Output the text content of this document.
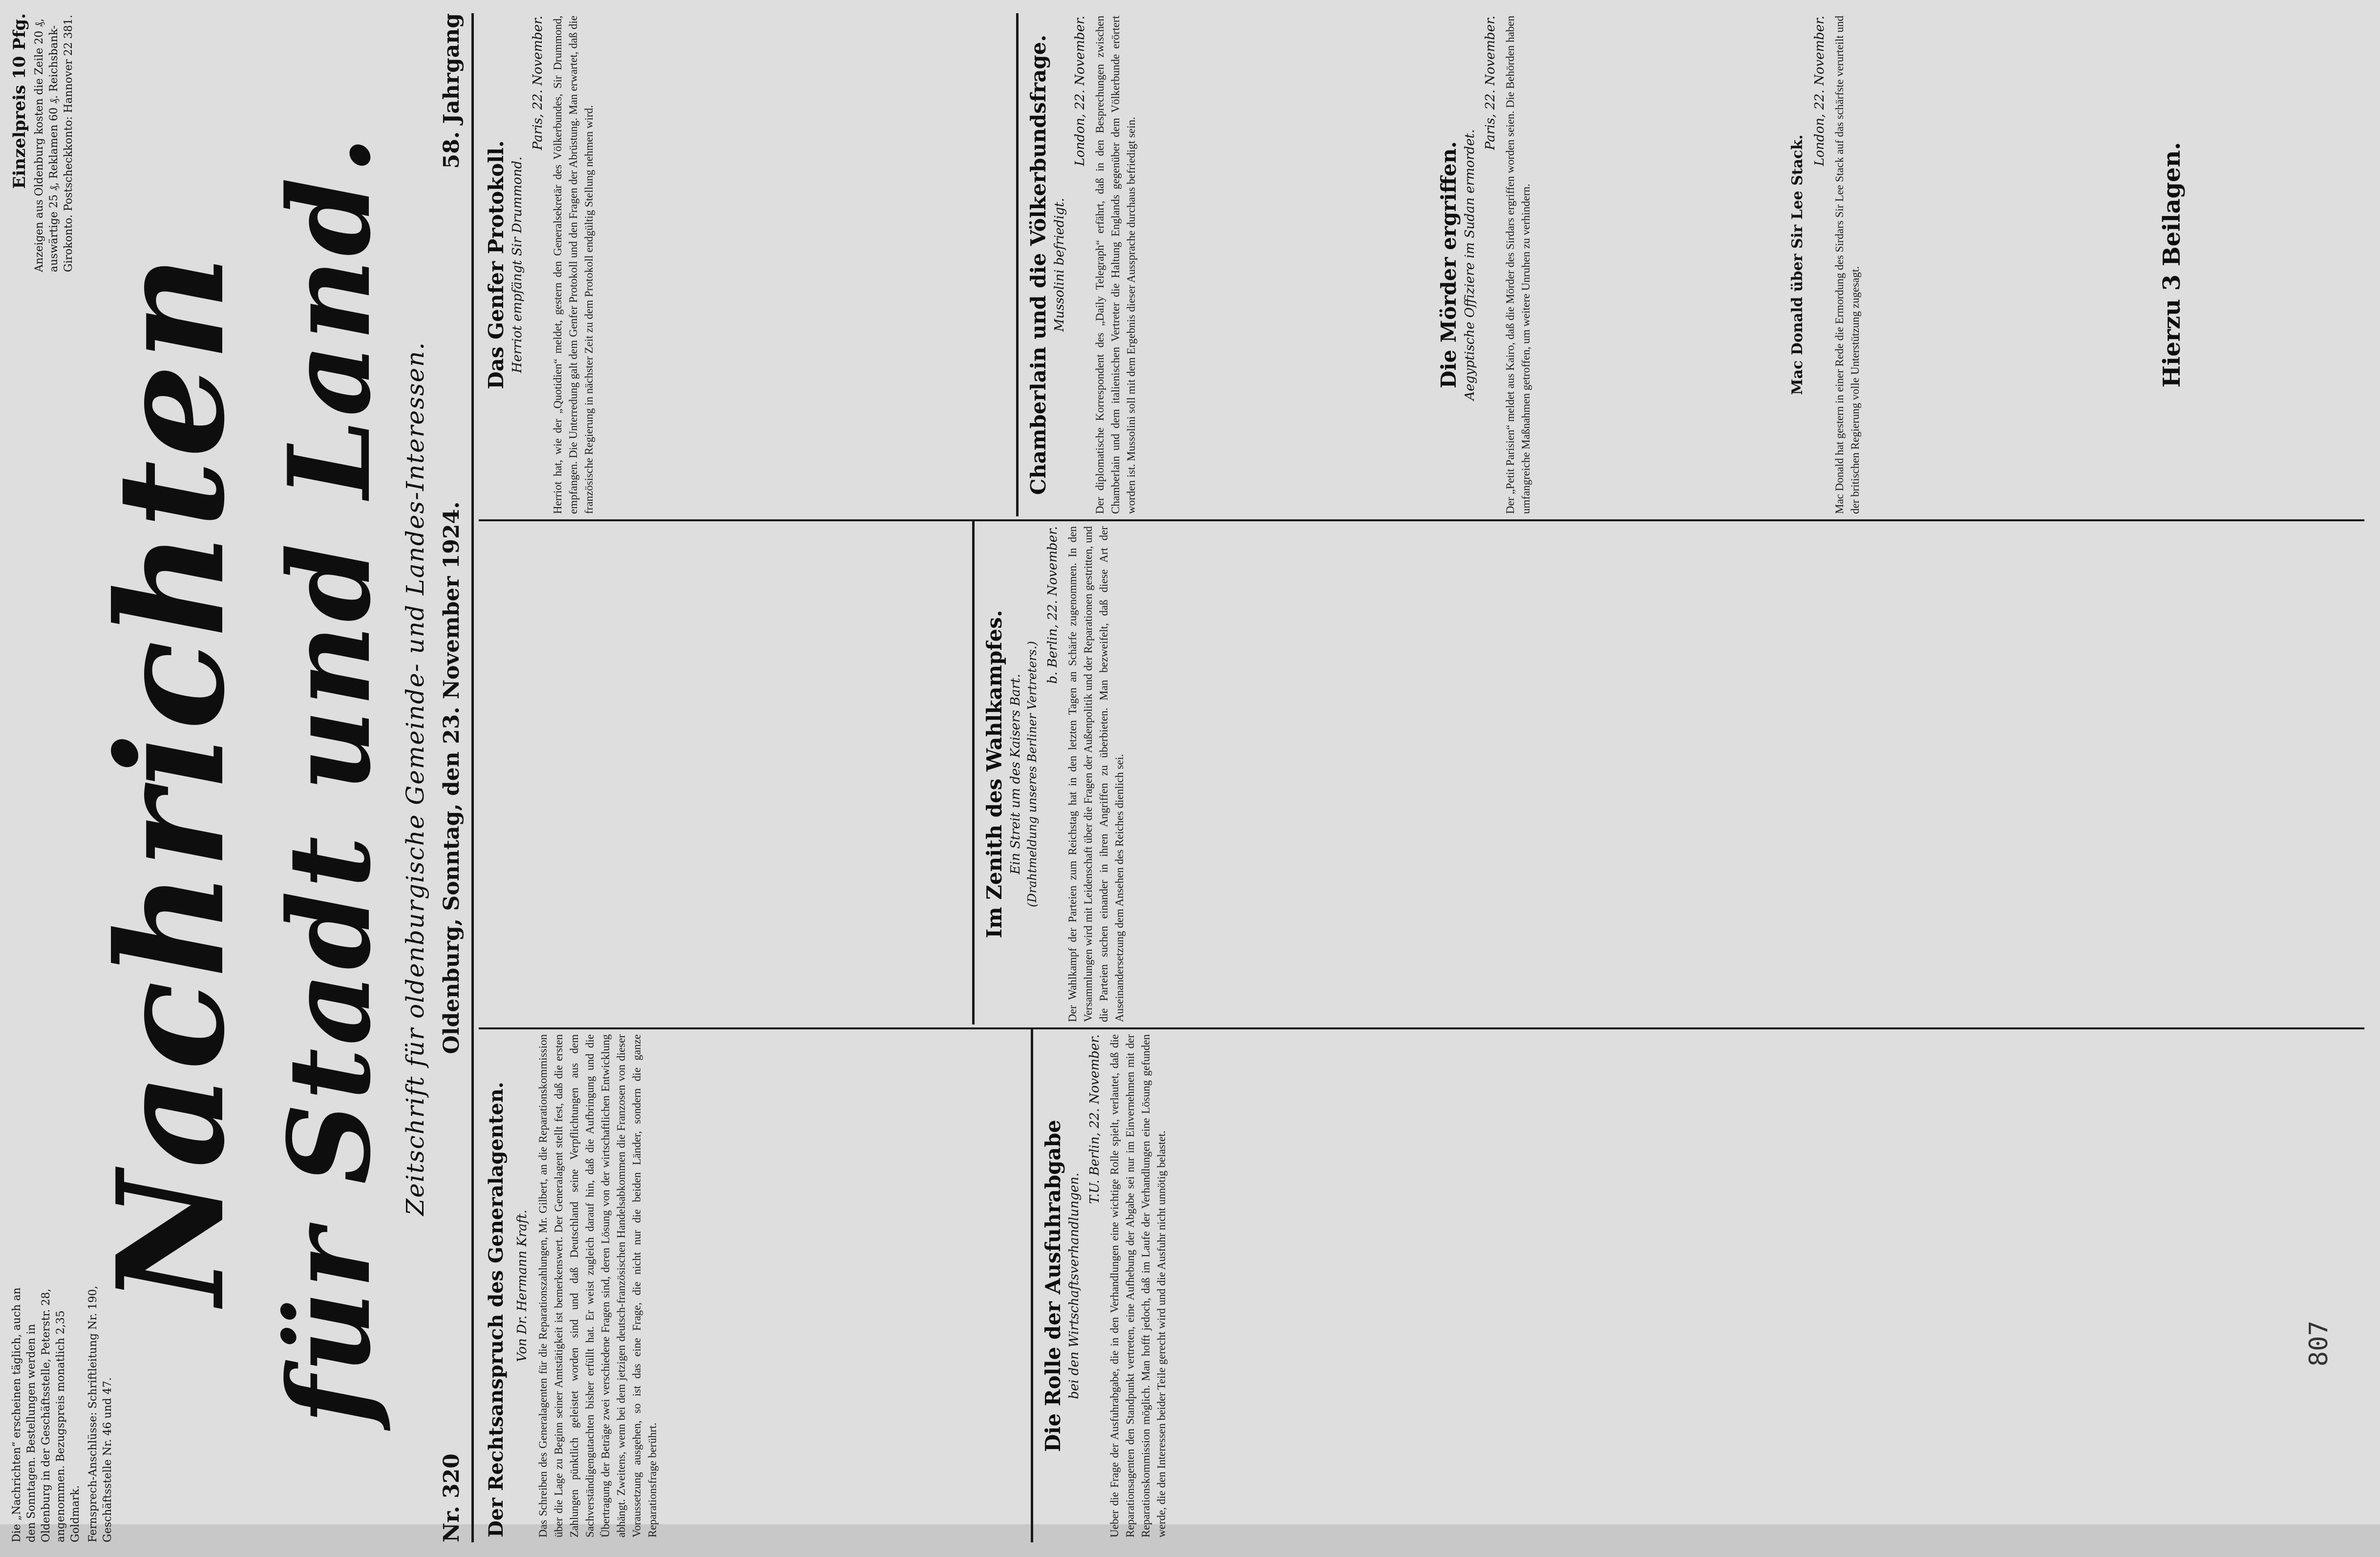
807
Die „Nachrichten“ erscheinen täglich, auch an den Sonntagen. Bestellungen werden in Oldenburg in der Geschäftsstelle, Peterstr. 28, angenommen. Bezugspreis monatlich 2,35 Goldmark. Fernsprech-Anschlüsse: Schriftleitung Nr. 190, Geschäftsstelle Nr. 46 und 47.
Einzelpreis 10 Pfg. Anzeigen aus Oldenburg kosten die Zeile 20 ₰, auswärtige 25 ₰, Reklamen 60 ₰. Reichsbank-Girokonto. Postscheckkonto: Hannover 22 381.
Nachrichten für Stadt und Land. Zeitschrift für oldenburgische Gemeinde- und Landes-Interessen.
Nr. 320
Oldenburg, Sonntag, den 23. November 1924.
58. Jahrgang
Der Rechtsanspruch des Generalagenten. Von Dr. Hermann Kraft. Das Schreiben des Generalagenten für die Reparationszahlungen, Mr. Gilbert, an die Reparationskommission über die Lage zu Beginn seiner Amtstätigkeit ist bemerkenswert. Der Generalagent stellt fest, daß die ersten Zahlungen pünktlich geleistet worden sind und daß Deutschland seine Verpflichtungen aus dem Sachverständigengutachten bisher erfüllt hat. Er weist zugleich darauf hin, daß die Aufbringung und die Übertragung der Beträge zwei verschiedene Fragen sind, deren Lösung von der wirtschaftlichen Entwicklung abhängt. Zweitens, wenn bei dem jetzigen deutsch-französischen Handelsabkommen die Franzosen von dieser Voraussetzung ausgehen, so ist das eine Frage, die nicht nur die beiden Länder, sondern die ganze Reparationsfrage berührt.
Die Rolle der Ausfuhrabgabe bei den Wirtschaftsverhandlungen.
T.U. Berlin, 22. November. Ueber die Frage der Ausfuhrabgabe, die in den Verhandlungen eine wichtige Rolle spielt, verlautet, daß die Reparationsagenten den Standpunkt vertreten, eine Aufhebung der Abgabe sei nur im Einvernehmen mit der Reparationskommission möglich. Man hofft jedoch, daß im Laufe der Verhandlungen eine Lösung gefunden werde, die den Interessen beider Teile gerecht wird und die Ausfuhr nicht unnötig belastet.
Im Zenith des Wahlkampfes. Ein Streit um des Kaisers Bart. (Drahtmeldung unseres Berliner Vertreters.)
b. Berlin, 22. November. Der Wahlkampf der Parteien zum Reichstag hat in den letzten Tagen an Schärfe zugenommen. In den Versammlungen wird mit Leidenschaft über die Fragen der Außenpolitik und der Reparationen gestritten, und die Parteien suchen einander in ihren Angriffen zu überbieten. Man bezweifelt, daß diese Art der Auseinandersetzung dem Ansehen des Reiches dienlich sei.
Das Genfer Protokoll. Herriot empfängt Sir Drummond.
Paris, 22. November. Herriot hat, wie der „Quotidien“ meldet, gestern den Generalsekretär des Völkerbundes, Sir Drummond, empfangen. Die Unterredung galt dem Genfer Protokoll und den Fragen der Abrüstung. Man erwartet, daß die französische Regierung in nächster Zeit zu dem Protokoll endgültig Stellung nehmen wird.	Chamberlain und die Völkerbundsfrage. Mussolini befriedigt.
London, 22. November. Der diplomatische Korrespondent des „Daily Telegraph“ erfährt, daß in den Besprechungen zwischen Chamberlain und dem italienischen Vertreter die Haltung Englands gegenüber dem Völkerbunde erörtert worden ist. Mussolini soll mit dem Ergebnis dieser Aussprache durchaus befriedigt sein.	Die Mörder ergriffen. Aegyptische Offiziere im Sudan ermordet.
Paris, 22. November. Der „Petit Parisien“ meldet aus Kairo, daß die Mörder des Sirdars ergriffen worden seien. Die Behörden haben umfangreiche Maßnahmen getroffen, um weitere Unruhen zu verhindern.	Mac Donald über Sir Lee Stack.
London, 22. November. Mac Donald hat gestern in einer Rede die Ermordung des Sirdars Sir Lee Stack auf das schärfste verurteilt und der britischen Regierung volle Unterstützung zugesagt.
Hierzu 3 Beilagen.
